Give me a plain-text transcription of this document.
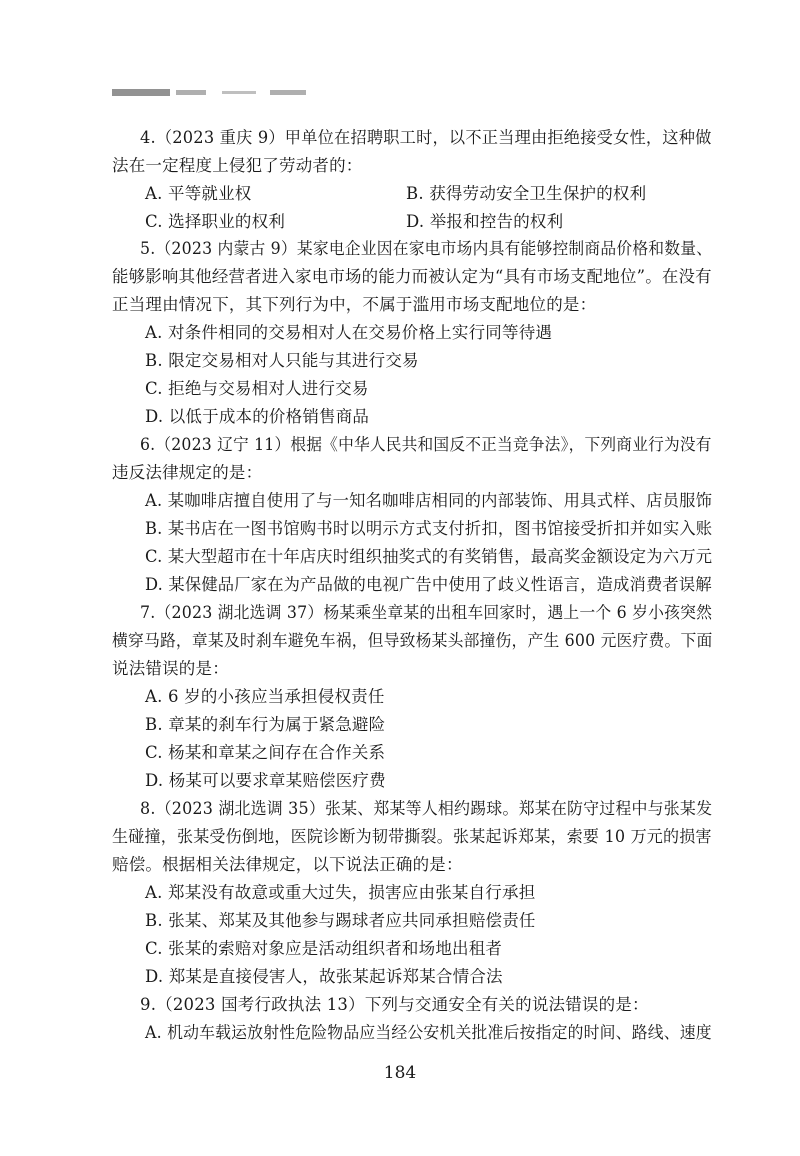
4.（2023 重庆 9）甲单位在招聘职工时，以不正当理由拒绝接受女性，这种做
法在一定程度上侵犯了劳动者的：
A. 平等就业权	B. 获得劳动安全卫生保护的权利
C. 选择职业的权利	D. 举报和控告的权利
5.（2023 内蒙古 9）某家电企业因在家电市场内具有能够控制商品价格和数量、
能够影响其他经营者进入家电市场的能力而被认定为“具有市场支配地位”。在没有
正当理由情况下，其下列行为中，不属于滥用市场支配地位的是：
A. 对条件相同的交易相对人在交易价格上实行同等待遇
B. 限定交易相对人只能与其进行交易
C. 拒绝与交易相对人进行交易
D. 以低于成本的价格销售商品
6.（2023 辽宁 11）根据《中华人民共和国反不正当竞争法》，下列商业行为没有
违反法律规定的是：
A. 某咖啡店擅自使用了与一知名咖啡店相同的内部装饰、用具式样、店员服饰
B. 某书店在一图书馆购书时以明示方式支付折扣，图书馆接受折扣并如实入账
C. 某大型超市在十年店庆时组织抽奖式的有奖销售，最高奖金额设定为六万元
D. 某保健品厂家在为产品做的电视广告中使用了歧义性语言，造成消费者误解
7.（2023 湖北选调 37）杨某乘坐章某的出租车回家时，遇上一个 6 岁小孩突然
横穿马路，章某及时刹车避免车祸，但导致杨某头部撞伤，产生 600 元医疗费。下面
说法错误的是：
A. 6 岁的小孩应当承担侵权责任
B. 章某的刹车行为属于紧急避险
C. 杨某和章某之间存在合作关系
D. 杨某可以要求章某赔偿医疗费
8.（2023 湖北选调 35）张某、郑某等人相约踢球。郑某在防守过程中与张某发
生碰撞，张某受伤倒地，医院诊断为韧带撕裂。张某起诉郑某，索要 10 万元的损害
赔偿。根据相关法律规定，以下说法正确的是：
A. 郑某没有故意或重大过失，损害应由张某自行承担
B. 张某、郑某及其他参与踢球者应共同承担赔偿责任
C. 张某的索赔对象应是活动组织者和场地出租者
D. 郑某是直接侵害人，故张某起诉郑某合情合法
9.（2023 国考行政执法 13）下列与交通安全有关的说法错误的是：
A. 机动车载运放射性危险物品应当经公安机关批准后按指定的时间、路线、速度
184
